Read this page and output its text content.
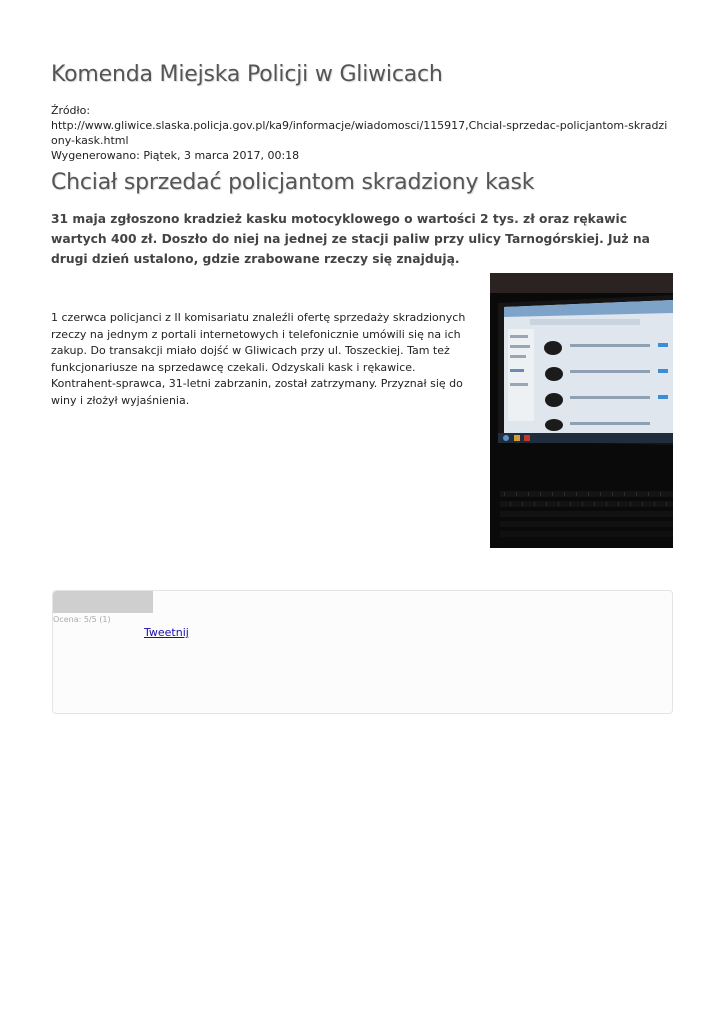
Komenda Miejska Policji w Gliwicach
Źródło:
http://www.gliwice.slaska.policja.gov.pl/ka9/informacje/wiadomosci/115917,Chcial-sprzedac-policjantom-skradziony-kask.html
Wygenerowano: Piątek, 3 marca 2017, 00:18
Chciał sprzedać policjantom skradziony kask

31 maja zgłoszono kradzież kasku motocyklowego o wartości 2 tys. zł oraz rękawic wartych 400 zł. Doszło do niej na jednej ze stacji paliw przy ulicy Tarnogórskiej. Już na drugi dzień ustalono, gdzie zrabowane rzeczy się znajdują.

1 czerwca policjanci z II komisariatu znaleźli ofertę sprzedaży skradzionych rzeczy na jednym z portali internetowych i telefonicznie umówili się na ich zakup. Do transakcji miało dojść w Gliwicach przy ul. Toszeckiej. Tam też funkcjonariusze na sprzedawcę czekali. Odzyskali kask i rękawice. Kontrahent-sprawca, 31-letni zabrzanin, został zatrzymany. Przyznał się do winy i złożył wyjaśnienia.

Ocena: 5/5 (1)
Tweetnij
